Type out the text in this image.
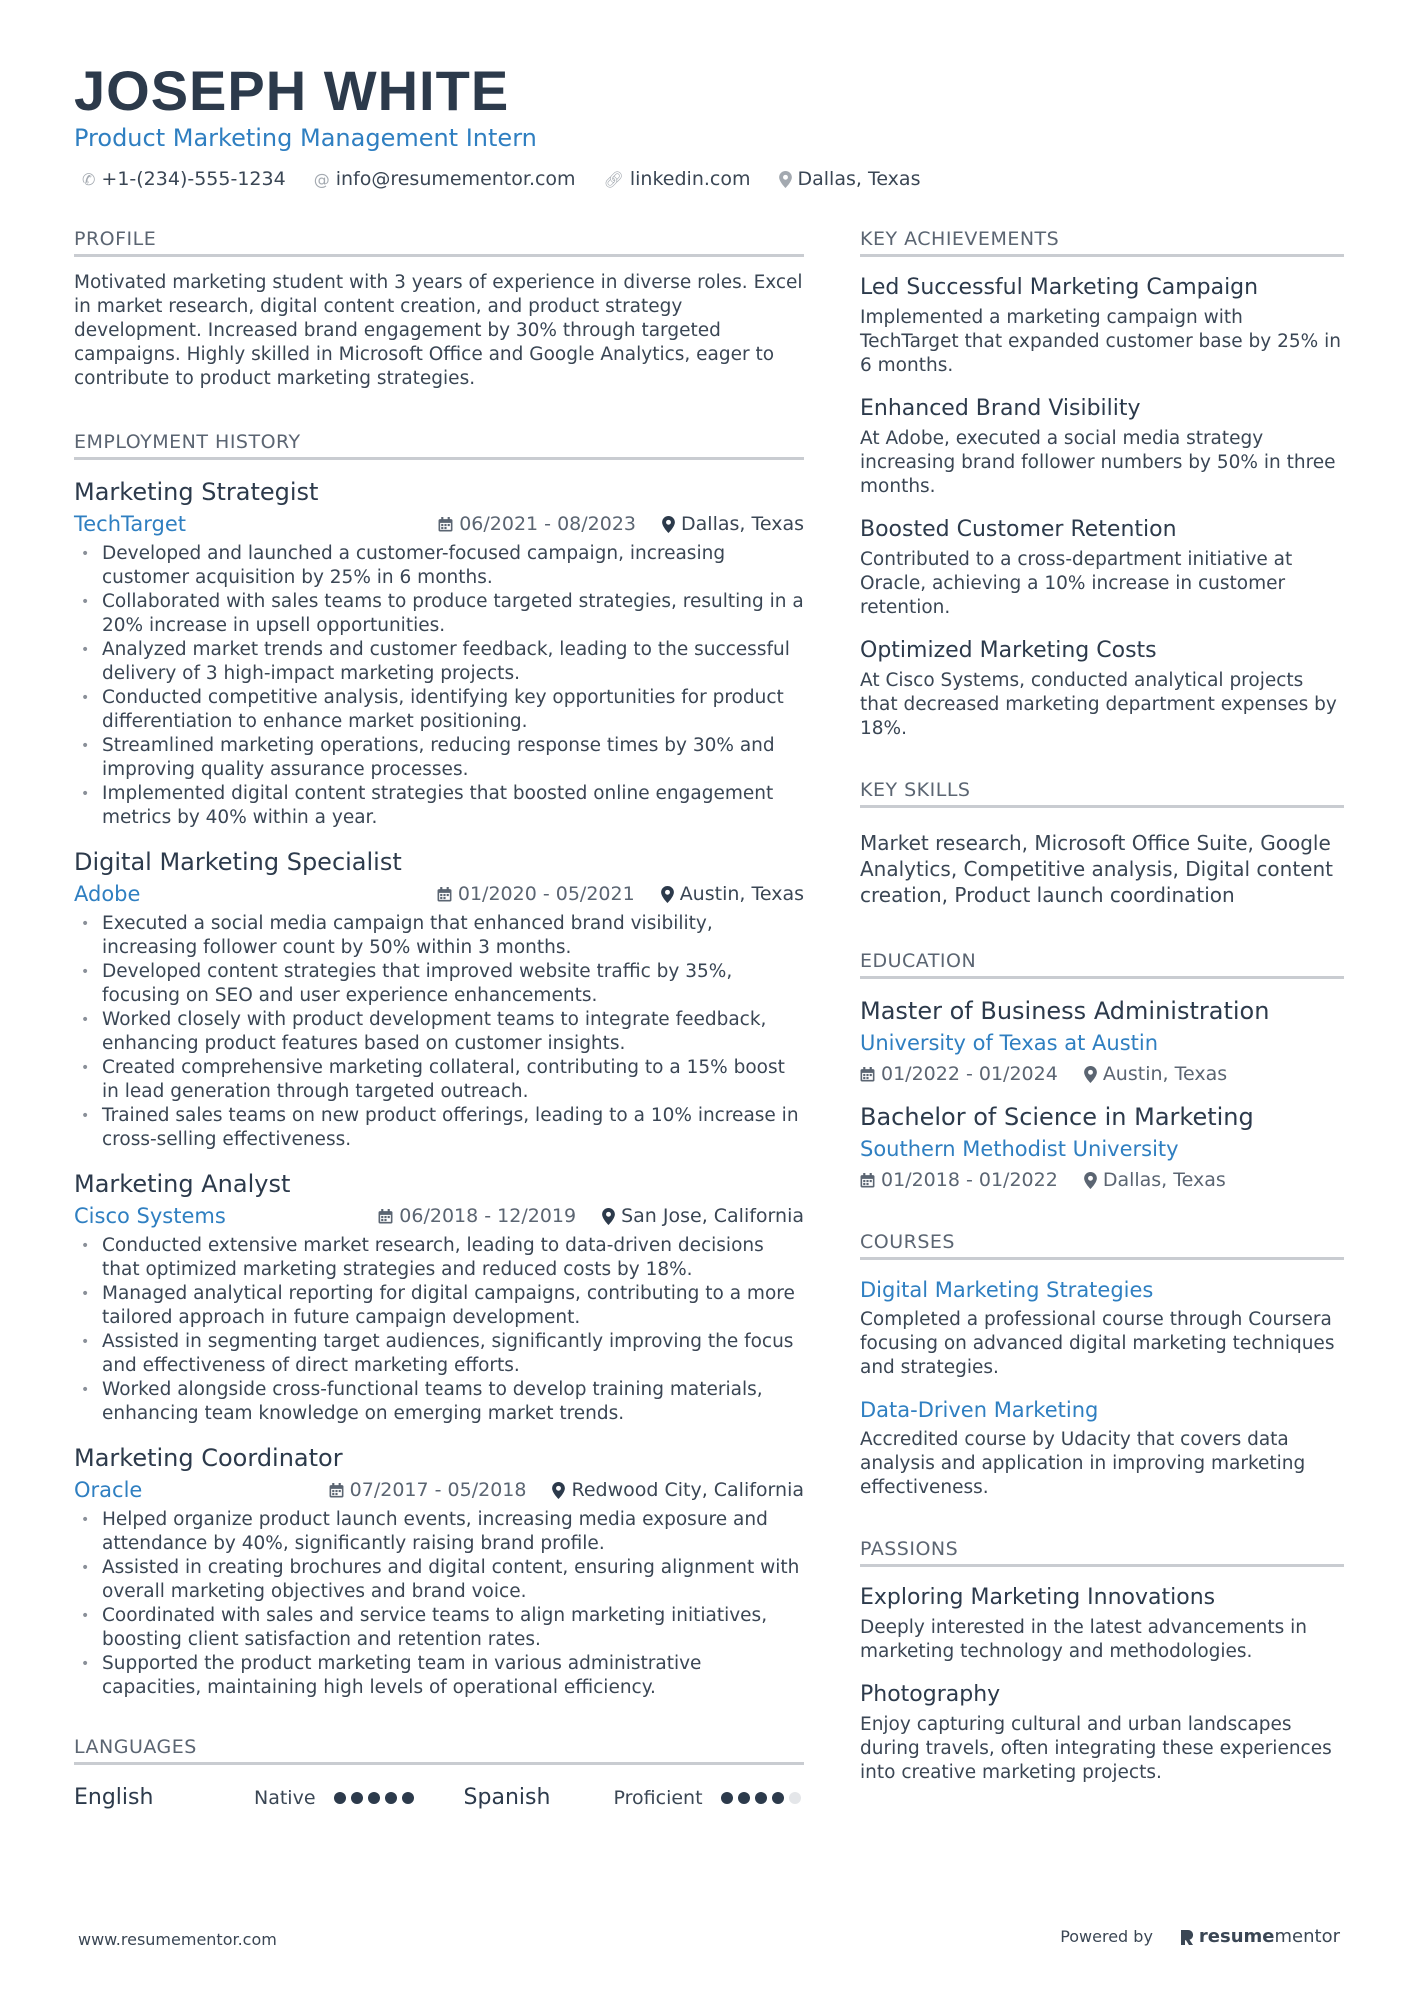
JOSEPH WHITE
Product Marketing Management Intern
✆ +1-(234)-555-1234 @ info@resumementor.com 🔗︎ linkedin.com Dallas, Texas
PROFILE
Motivated marketing student with 3 years of experience in diverse roles. Excel in market research, digital content creation, and product strategy development. Increased brand engagement by 30% through targeted campaigns. Highly skilled in Microsoft Office and Google Analytics, eager to contribute to product marketing strategies.
EMPLOYMENT HISTORY
Marketing Strategist
TechTarget	06/2021 - 08/2023 Dallas, Texas
• Developed and launched a customer-focused campaign, increasing customer acquisition by 25% in 6 months.
• Collaborated with sales teams to produce targeted strategies, resulting in a 20% increase in upsell opportunities.
• Analyzed market trends and customer feedback, leading to the successful delivery of 3 high-impact marketing projects.
• Conducted competitive analysis, identifying key opportunities for product differentiation to enhance market positioning.
• Streamlined marketing operations, reducing response times by 30% and improving quality assurance processes.
• Implemented digital content strategies that boosted online engagement metrics by 40% within a year.
Digital Marketing Specialist
Adobe	01/2020 - 05/2021 Austin, Texas
• Executed a social media campaign that enhanced brand visibility, increasing follower count by 50% within 3 months.
• Developed content strategies that improved website traffic by 35%, focusing on SEO and user experience enhancements.
• Worked closely with product development teams to integrate feedback, enhancing product features based on customer insights.
• Created comprehensive marketing collateral, contributing to a 15% boost in lead generation through targeted outreach.
• Trained sales teams on new product offerings, leading to a 10% increase in cross-selling effectiveness.
Marketing Analyst
Cisco Systems	06/2018 - 12/2019 San Jose, California
• Conducted extensive market research, leading to data-driven decisions that optimized marketing strategies and reduced costs by 18%.
• Managed analytical reporting for digital campaigns, contributing to a more tailored approach in future campaign development.
• Assisted in segmenting target audiences, significantly improving the focus and effectiveness of direct marketing efforts.
• Worked alongside cross-functional teams to develop training materials, enhancing team knowledge on emerging market trends.
Marketing Coordinator
Oracle	07/2017 - 05/2018 Redwood City, California
• Helped organize product launch events, increasing media exposure and attendance by 40%, significantly raising brand profile.
• Assisted in creating brochures and digital content, ensuring alignment with overall marketing objectives and brand voice.
• Coordinated with sales and service teams to align marketing initiatives, boosting client satisfaction and retention rates.
• Supported the product marketing team in various administrative capacities, maintaining high levels of operational efficiency.
LANGUAGES
English	Native	Spanish	Proficient
KEY ACHIEVEMENTS
Led Successful Marketing Campaign
Implemented a marketing campaign with TechTarget that expanded customer base by 25% in 6 months.
Enhanced Brand Visibility
At Adobe, executed a social media strategy increasing brand follower numbers by 50% in three months.
Boosted Customer Retention
Contributed to a cross-department initiative at Oracle, achieving a 10% increase in customer retention.
Optimized Marketing Costs
At Cisco Systems, conducted analytical projects that decreased marketing department expenses by 18%.
KEY SKILLS
Market research, Microsoft Office Suite, Google Analytics, Competitive analysis, Digital content creation, Product launch coordination
EDUCATION
Master of Business Administration
University of Texas at Austin
01/2022 - 01/2024 Austin, Texas
Bachelor of Science in Marketing
Southern Methodist University
01/2018 - 01/2022 Dallas, Texas
COURSES
Digital Marketing Strategies
Completed a professional course through Coursera focusing on advanced digital marketing techniques and strategies.
Data-Driven Marketing
Accredited course by Udacity that covers data analysis and application in improving marketing effectiveness.
PASSIONS
Exploring Marketing Innovations
Deeply interested in the latest advancements in marketing technology and methodologies.
Photography
Enjoy capturing cultural and urban landscapes during travels, often integrating these experiences into creative marketing projects.
www.resumementor.com	Powered by	resume mentor
